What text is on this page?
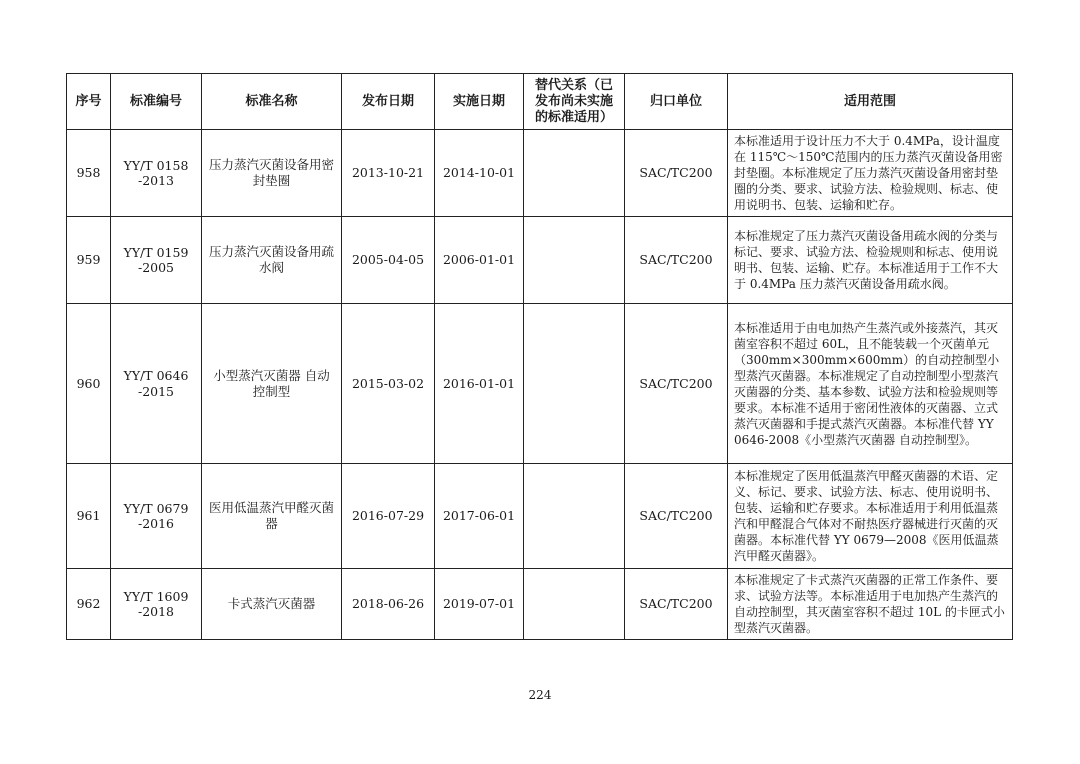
序号	标准编号	标准名称	发布日期	实施日期	替代关系（已
发布尚未实施
的标准适用）	归口单位	适用范围
958	YY/T 0158
-2013	压力蒸汽灭菌设备用密
封垫圈	2013-10-21	2014-10-01		SAC/TC200	本标准适用于设计压力不大于 0.4MPa，设计温度在 115℃～150℃范围内的压力蒸汽灭菌设备用密封垫圈。本标准规定了压力蒸汽灭菌设备用密封垫圈的分类、要求、试验方法、检验规则、标志、使用说明书、包装、运输和贮存。
959	YY/T 0159
-2005	压力蒸汽灭菌设备用疏
水阀	2005-04-05	2006-01-01		SAC/TC200	本标准规定了压力蒸汽灭菌设备用疏水阀的分类与标记、要求、试验方法、检验规则和标志、使用说明书、包装、运输、贮存。本标准适用于工作不大于 0.4MPa 压力蒸汽灭菌设备用疏水阀。
960	YY/T 0646
-2015	小型蒸汽灭菌器 自动
控制型	2015-03-02	2016-01-01		SAC/TC200	本标准适用于由电加热产生蒸汽或外接蒸汽，其灭菌室容积不超过 60L，且不能装载一个灭菌单元（300mm×300mm×600mm）的自动控制型小型蒸汽灭菌器。本标准规定了自动控制型小型蒸汽灭菌器的分类、基本参数、试验方法和检验规则等要求。本标准不适用于密闭性液体的灭菌器、立式蒸汽灭菌器和手提式蒸汽灭菌器。本标准代替 YY 0646-2008《小型蒸汽灭菌器 自动控制型》。
961	YY/T 0679
-2016	医用低温蒸汽甲醛灭菌
器	2016-07-29	2017-06-01		SAC/TC200	本标准规定了医用低温蒸汽甲醛灭菌器的术语、定义、标记、要求、试验方法、标志、使用说明书、包装、运输和贮存要求。本标准适用于利用低温蒸汽和甲醛混合气体对不耐热医疗器械进行灭菌的灭菌器。本标准代替 YY 0679—2008《医用低温蒸汽甲醛灭菌器》。
962	YY/T 1609
-2018	卡式蒸汽灭菌器	2018-06-26	2019-07-01		SAC/TC200	本标准规定了卡式蒸汽灭菌器的正常工作条件、要求、试验方法等。本标准适用于电加热产生蒸汽的自动控制型，其灭菌室容积不超过 10L 的卡匣式小型蒸汽灭菌器。
224
